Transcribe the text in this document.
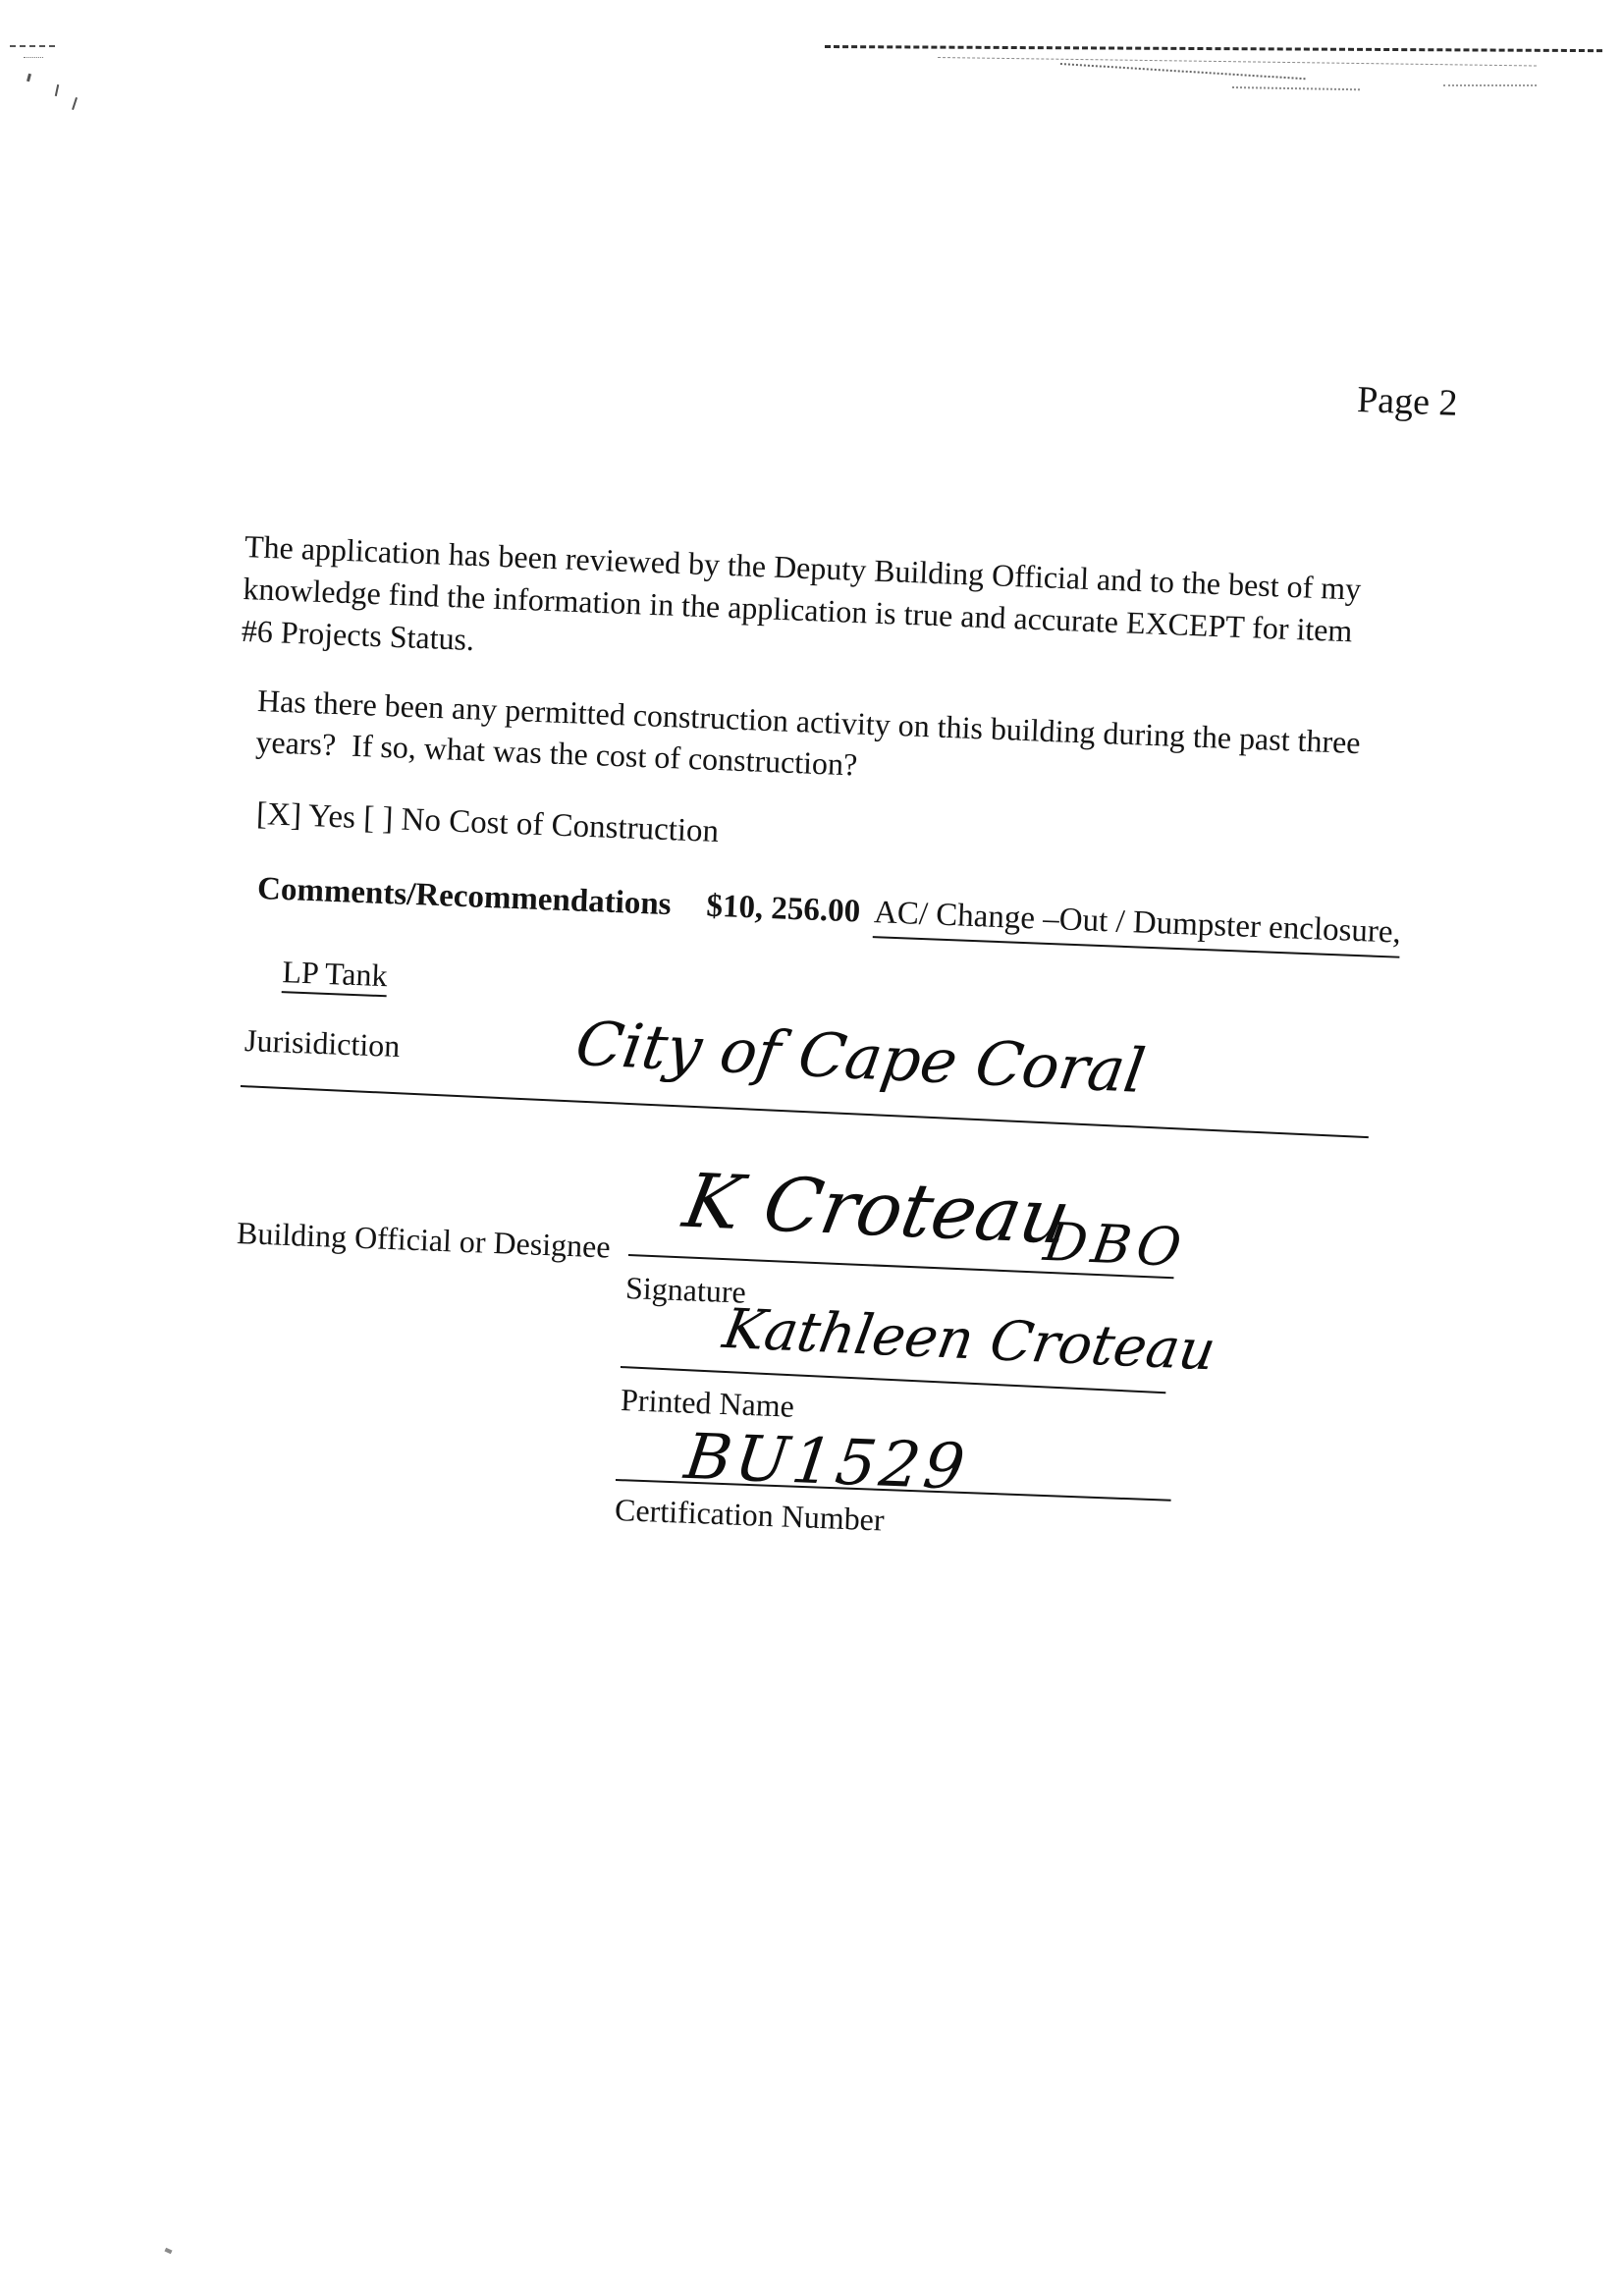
Page 2
The application has been reviewed by the Deputy Building Official and to the best of my
knowledge find the information in the application is true and accurate EXCEPT for item
#6 Projects Status.
Has there been any permitted construction activity on this building during the past three
years?  If so, what was the cost of construction?
[X] Yes [ ] No Cost of Construction
Comments/Recommendations $10, 256.00 AC/ Change –Out / Dumpster enclosure,

LP Tank

Jurisidiction	City of Cape Coral
Building Official or Designee K Croteau
DBO
Signature
Kathleen Croteau
Printed Name
BU1529
Certification Number
